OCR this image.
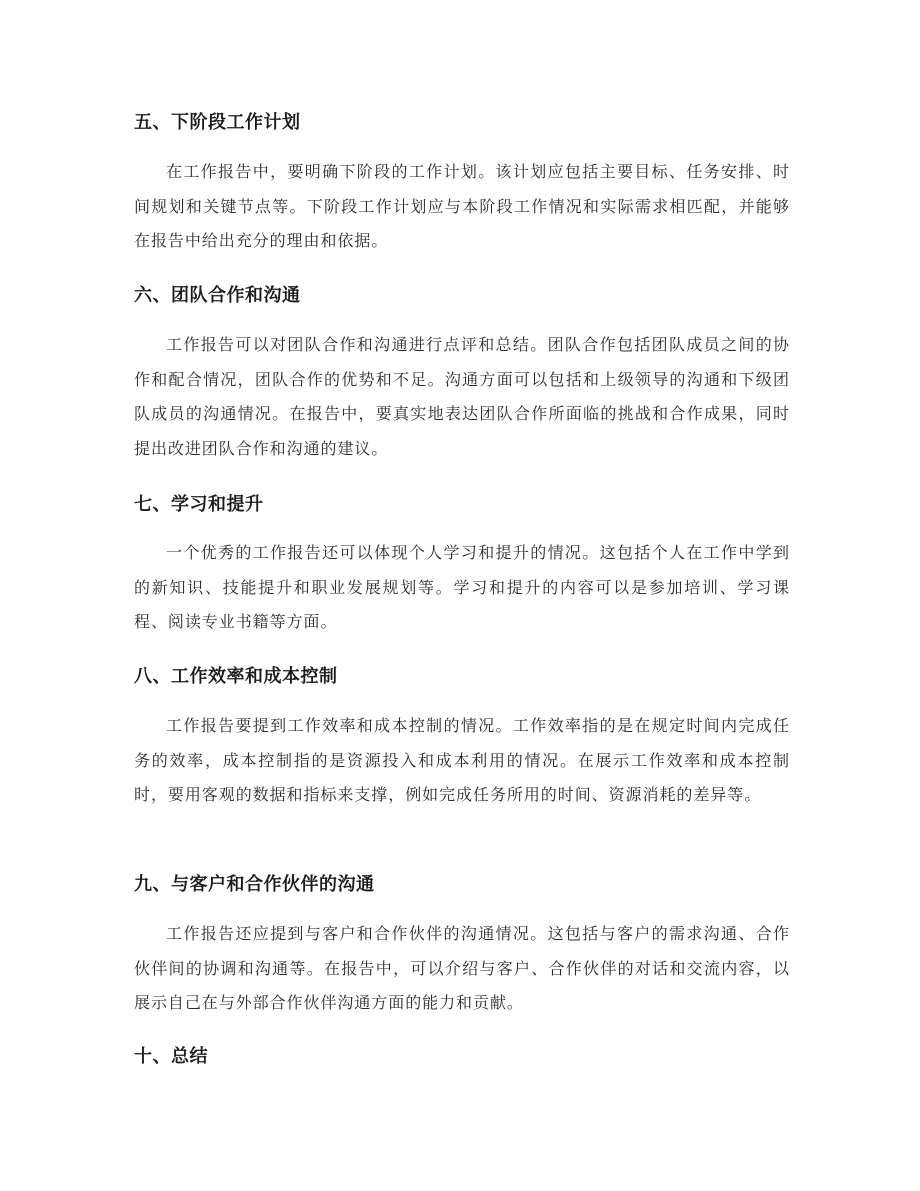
五、下阶段工作计划

在工作报告中，要明确下阶段的工作计划。该计划应包括主要目标、任务安排、时间规划和关键节点等。下阶段工作计划应与本阶段工作情况和实际需求相匹配，并能够在报告中给出充分的理由和依据。

六、团队合作和沟通

工作报告可以对团队合作和沟通进行点评和总结。团队合作包括团队成员之间的协作和配合情况，团队合作的优势和不足。沟通方面可以包括和上级领导的沟通和下级团队成员的沟通情况。在报告中，要真实地表达团队合作所面临的挑战和合作成果，同时提出改进团队合作和沟通的建议。

七、学习和提升

一个优秀的工作报告还可以体现个人学习和提升的情况。这包括个人在工作中学到的新知识、技能提升和职业发展规划等。学习和提升的内容可以是参加培训、学习课程、阅读专业书籍等方面。

八、工作效率和成本控制

工作报告要提到工作效率和成本控制的情况。工作效率指的是在规定时间内完成任务的效率，成本控制指的是资源投入和成本利用的情况。在展示工作效率和成本控制时，要用客观的数据和指标来支撑，例如完成任务所用的时间、资源消耗的差异等。

九、与客户和合作伙伴的沟通

工作报告还应提到与客户和合作伙伴的沟通情况。这包括与客户的需求沟通、合作伙伴间的协调和沟通等。在报告中，可以介绍与客户、合作伙伴的对话和交流内容，以展示自己在与外部合作伙伴沟通方面的能力和贡献。

十、总结
